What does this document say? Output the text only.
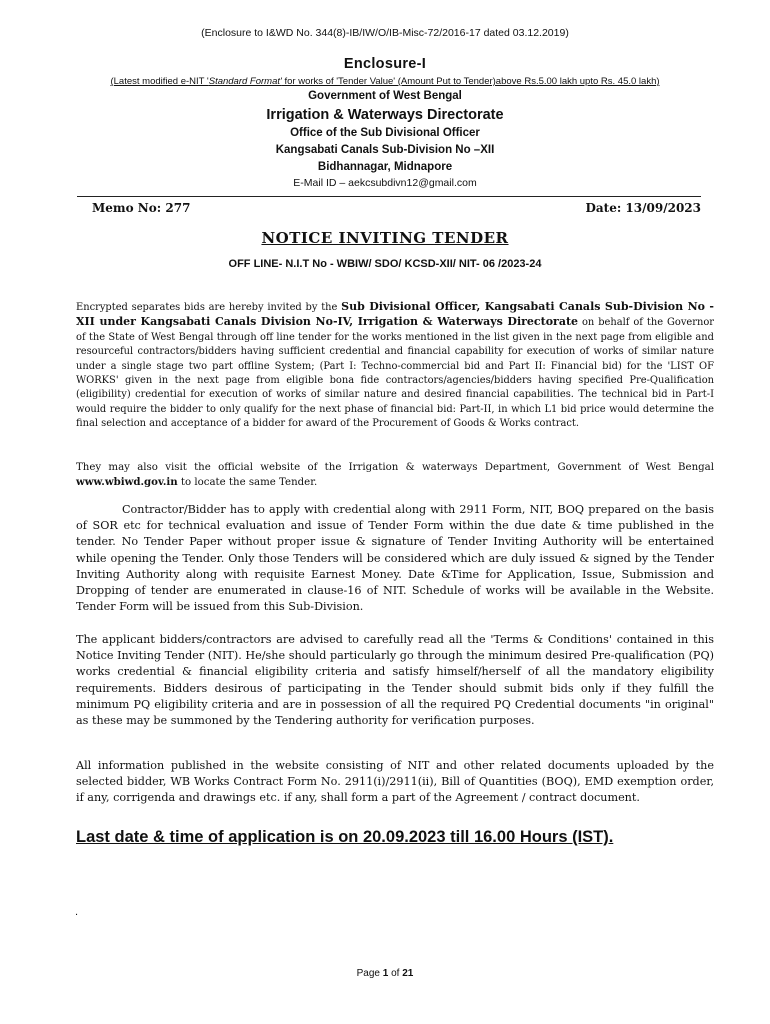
(Enclosure to I&WD No. 344(8)-IB/IW/O/IB-Misc-72/2016-17 dated 03.12.2019)
Enclosure-I
(Latest modified e-NIT 'Standard Format' for works of 'Tender Value' (Amount Put to Tender)above Rs.5.00 lakh upto Rs. 45.0 lakh)
Government of West Bengal
Irrigation & Waterways Directorate
Office of the Sub Divisional Officer
Kangsabati Canals Sub-Division No –XII
Bidhannagar, Midnapore
E-Mail ID – aekcsubdivn12@gmail.com
Memo No: 277	Date: 13/09/2023
NOTICE INVITING TENDER
OFF LINE- N.I.T No - WBIW/ SDO/ KCSD-XII/ NIT- 06 /2023-24
Encrypted separates bids are hereby invited by the Sub Divisional Officer, Kangsabati Canals Sub-Division No -XII under Kangsabati Canals Division No-IV, Irrigation & Waterways Directorate on behalf of the Governor of the State of West Bengal through off line tender for the works mentioned in the list given in the next page from eligible and resourceful contractors/bidders having sufficient credential and financial capability for execution of works of similar nature under a single stage two part offline System; (Part I: Techno-commercial bid and Part II: Financial bid) for the 'LIST OF WORKS' given in the next page from eligible bona fide contractors/agencies/bidders having specified Pre-Qualification (eligibility) credential for execution of works of similar nature and desired financial capabilities. The technical bid in Part-I would require the bidder to only qualify for the next phase of financial bid: Part-II, in which L1 bid price would determine the final selection and acceptance of a bidder for award of the Procurement of Goods & Works contract.
They may also visit the official website of the Irrigation & waterways Department, Government of West Bengal www.wbiwd.gov.in to locate the same Tender.
Contractor/Bidder has to apply with credential along with 2911 Form, NIT, BOQ prepared on the basis of SOR etc for technical evaluation and issue of Tender Form within the due date & time published in the tender. No Tender Paper without proper issue & signature of Tender Inviting Authority will be entertained while opening the Tender. Only those Tenders will be considered which are duly issued & signed by the Tender Inviting Authority along with requisite Earnest Money. Date &Time for Application, Issue, Submission and Dropping of tender are enumerated in clause-16 of NIT. Schedule of works will be available in the Website. Tender Form will be issued from this Sub-Division.
The applicant bidders/contractors are advised to carefully read all the 'Terms & Conditions' contained in this Notice Inviting Tender (NIT). He/she should particularly go through the minimum desired Pre-qualification (PQ) works credential & financial eligibility criteria and satisfy himself/herself of all the mandatory eligibility requirements. Bidders desirous of participating in the Tender should submit bids only if they fulfill the minimum PQ eligibility criteria and are in possession of all the required PQ Credential documents "in original" as these may be summoned by the Tendering authority for verification purposes.
All information published in the website consisting of NIT and other related documents uploaded by the selected bidder, WB Works Contract Form No. 2911(i)/2911(ii), Bill of Quantities (BOQ), EMD exemption order, if any, corrigenda and drawings etc. if any, shall form a part of the Agreement / contract document.
Last date & time of application is on 20.09.2023 till 16.00 Hours (IST).
.
Page 1 of 21
